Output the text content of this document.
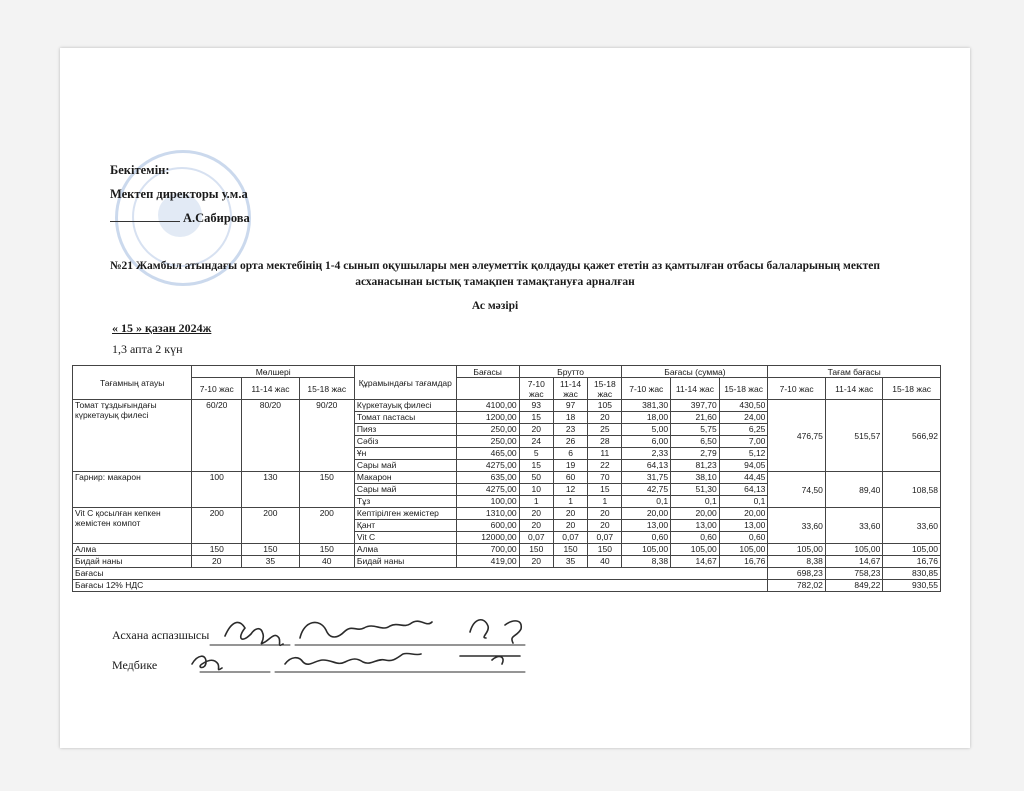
Бекітемін:
Мектеп директоры у.м.а
А.Сабирова
№21 Жамбыл атындағы орта мектебінің 1-4 сынып оқушылары мен әлеуметтік қолдауды қажет ететін аз қамтылған отбасы балаларының мектеп асханасынан ыстық тамақпен тамақтануға арналған
Ас мәзірі
« 15 » қазан 2024ж
1,3 апта 2 күн
Тағамның атауы	Мөлшері			Құрамындағы тағамдар	Бағасы	Брутто			Бағасы (сумма)			Тағам бағасы		
	7-10 жас	11-14 жас	15-18 жас			7-10 жас	11-14 жас	15-18 жас	7-10 жас	11-14 жас	15-18 жас	7-10 жас	11-14 жас	15-18 жас
Томат тұздығындағы күркетауық филесі	60/20	80/20	90/20	Күркетауық филесі	4100,00	93	97	105	381,30	397,70	430,50	476,75	515,57	566,92
				Томат пастасы	1200,00	15	18	20	18,00	21,60	24,00			
				Пияз	250,00	20	23	25	5,00	5,75	6,25			
				Сәбіз	250,00	24	26	28	6,00	6,50	7,00			
				Ұн	465,00	5	6	11	2,33	2,79	5,12			
				Сары май	4275,00	15	19	22	64,13	81,23	94,05			
Гарнир: макарон	100	130	150	Макарон	635,00	50	60	70	31,75	38,10	44,45	74,50	89,40	108,58
				Сары май	4275,00	10	12	15	42,75	51,30	64,13			
				Тұз	100,00	1	1	1	0,1	0,1	0,1			
Vit C қосылған кепкен жемістен компот	200	200	200	Кептірілген жемістер	1310,00	20	20	20	20,00	20,00	20,00	33,60	33,60	33,60
				Қант	600,00	20	20	20	13,00	13,00	13,00			
				Vit C	12000,00	0,07	0,07	0,07	0,60	0,60	0,60			
Алма	150	150	150	Алма	700,00	150	150	150	105,00	105,00	105,00	105,00	105,00	105,00
Бидай наны	20	35	40	Бидай наны	419,00	20	35	40	8,38	14,67	16,76	8,38	14,67	16,76
Бағасы												698,23	758,23	830,85
Бағасы 12% НДС												782,02	849,22	930,55
Асхана аспазшысы
Медбике
